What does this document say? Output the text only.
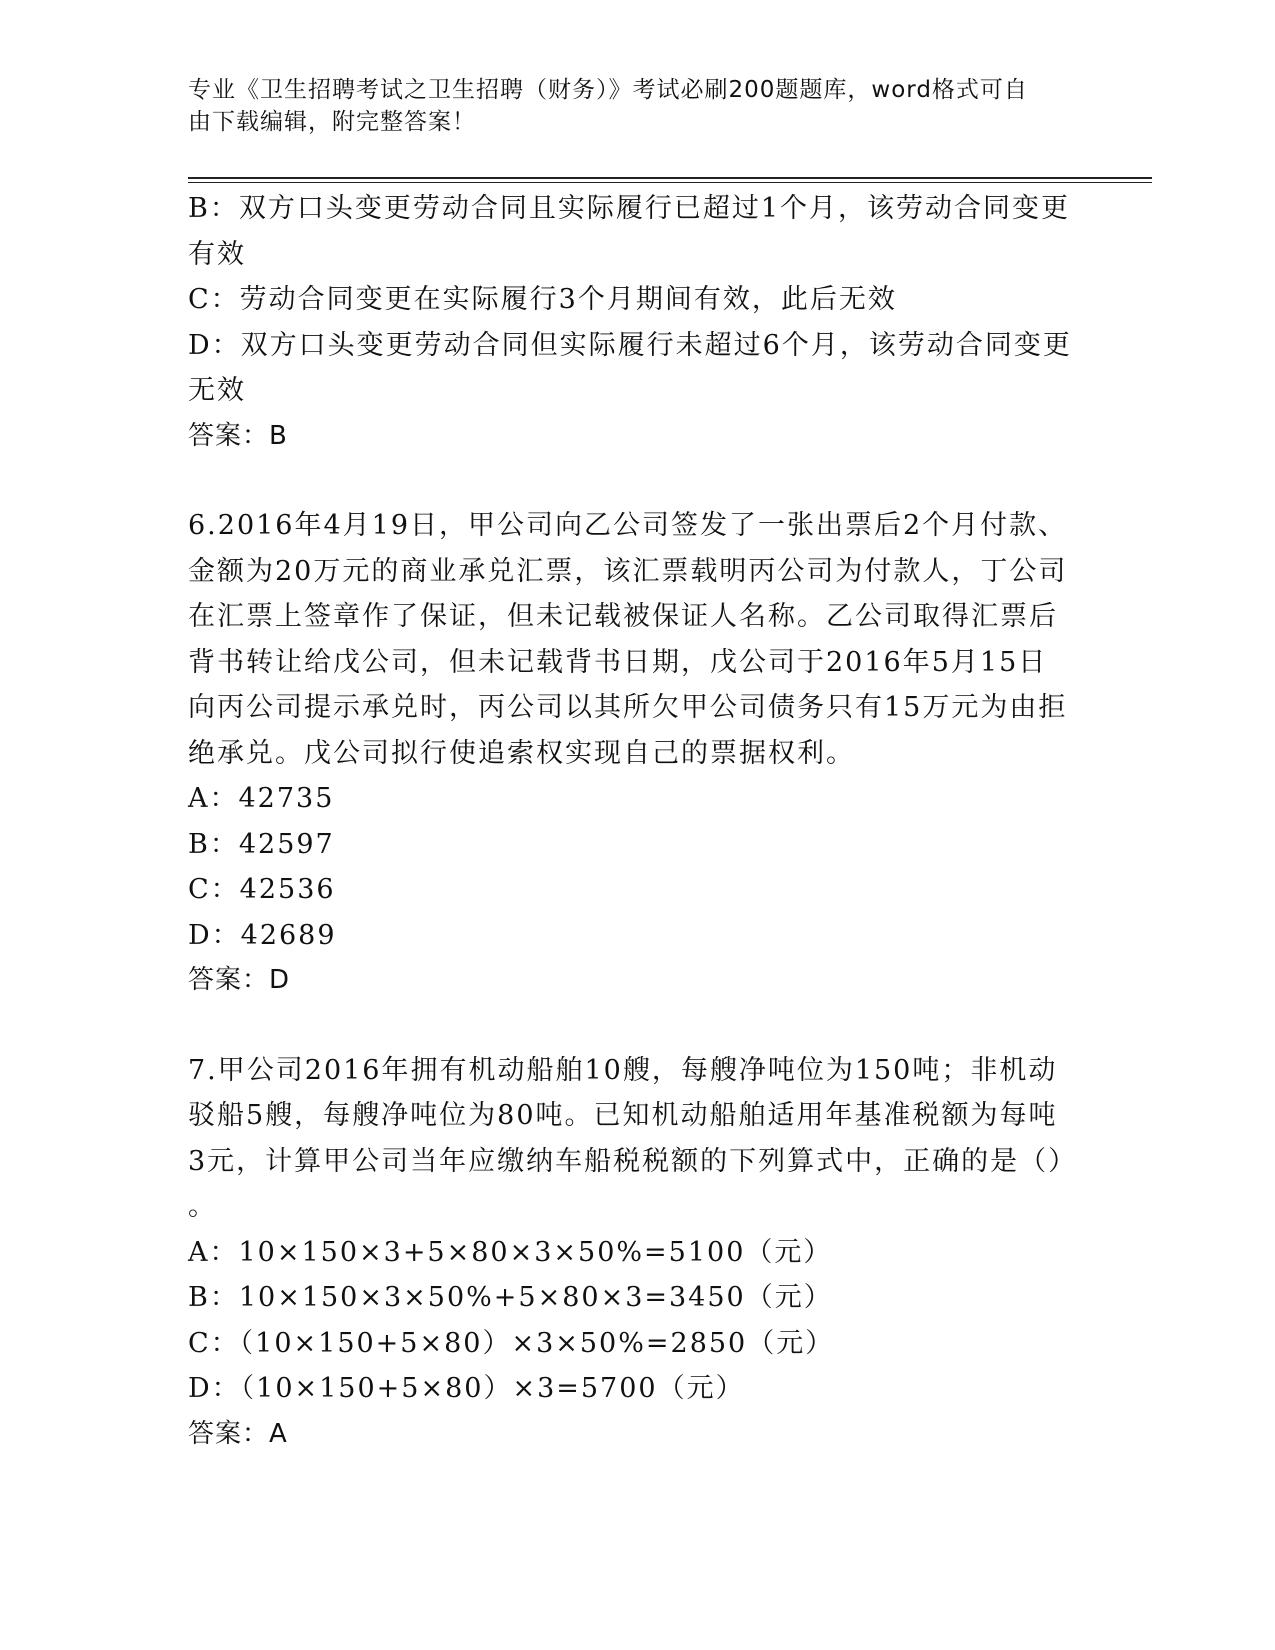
专业《卫生招聘考试之卫生招聘（财务）》考试必刷200题题库，word格式可自
由下载编辑，附完整答案！
B：双方口头变更劳动合同且实际履行已超过1个月，该劳动合同变更
有效
C：劳动合同变更在实际履行3个月期间有效，此后无效
D：双方口头变更劳动合同但实际履行未超过6个月，该劳动合同变更
无效
答案：B
6.2016年4月19日，甲公司向乙公司签发了一张出票后2个月付款、
金额为20万元的商业承兑汇票，该汇票载明丙公司为付款人，丁公司
在汇票上签章作了保证，但未记载被保证人名称。乙公司取得汇票后
背书转让给戊公司，但未记载背书日期，戊公司于2016年5月15日
向丙公司提示承兑时，丙公司以其所欠甲公司债务只有15万元为由拒
绝承兑。戊公司拟行使追索权实现自己的票据权利。
A：42735
B：42597
C：42536
D：42689
答案：D
7.甲公司2016年拥有机动船舶10艘，每艘净吨位为150吨；非机动
驳船5艘，每艘净吨位为80吨。已知机动船舶适用年基准税额为每吨
3元，计算甲公司当年应缴纳车船税税额的下列算式中，正确的是（）
。
A：10×150×3+5×80×3×50%=5100（元）
B：10×150×3×50%+5×80×3=3450（元）
C：（10×150+5×80）×3×50%=2850（元）
D：（10×150+5×80）×3=5700（元）
答案：A
